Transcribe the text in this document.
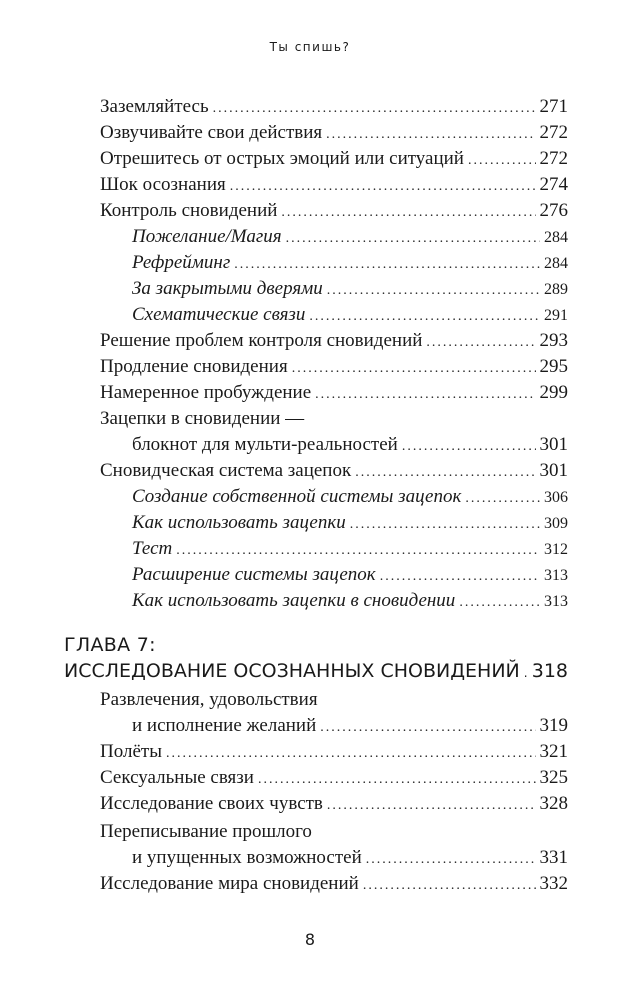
Ты спишь?
Заземляйтесь .....	271
Озвучивайте свои действия .....	272
Отрешитесь от острых эмоций или ситуаций .....	272
Шок осознания .....	274
Контроль сновидений .....	276
Пожелание/Магия .....	284
Рефрейминг .....	284
За закрытыми дверями .....	289
Схематические связи .....	291
Решение проблем контроля сновидений .....	293
Продление сновидения .....	295
Намеренное пробуждение .....	299
Зацепки в сновидении —
блокнот для мульти-реальностей .....	301
Сновидческая система зацепок .....	301
Создание собственной системы зацепок .....	306
Как использовать зацепки .....	309
Тест .....	312
Расширение системы зацепок .....	313
Как использовать зацепки в сновидении .....	313
ГЛАВА 7:
ИССЛЕДОВАНИЕ ОСОЗНАННЫХ СНОВИДЕНИЙ ..... 318
Развлечения, удовольствия
и исполнение желаний .....	319
Полёты .....	321
Сексуальные связи .....	325
Исследование своих чувств .....	328
Переписывание прошлого
и упущенных возможностей .....	331
Исследование мира сновидений .....	332
8
